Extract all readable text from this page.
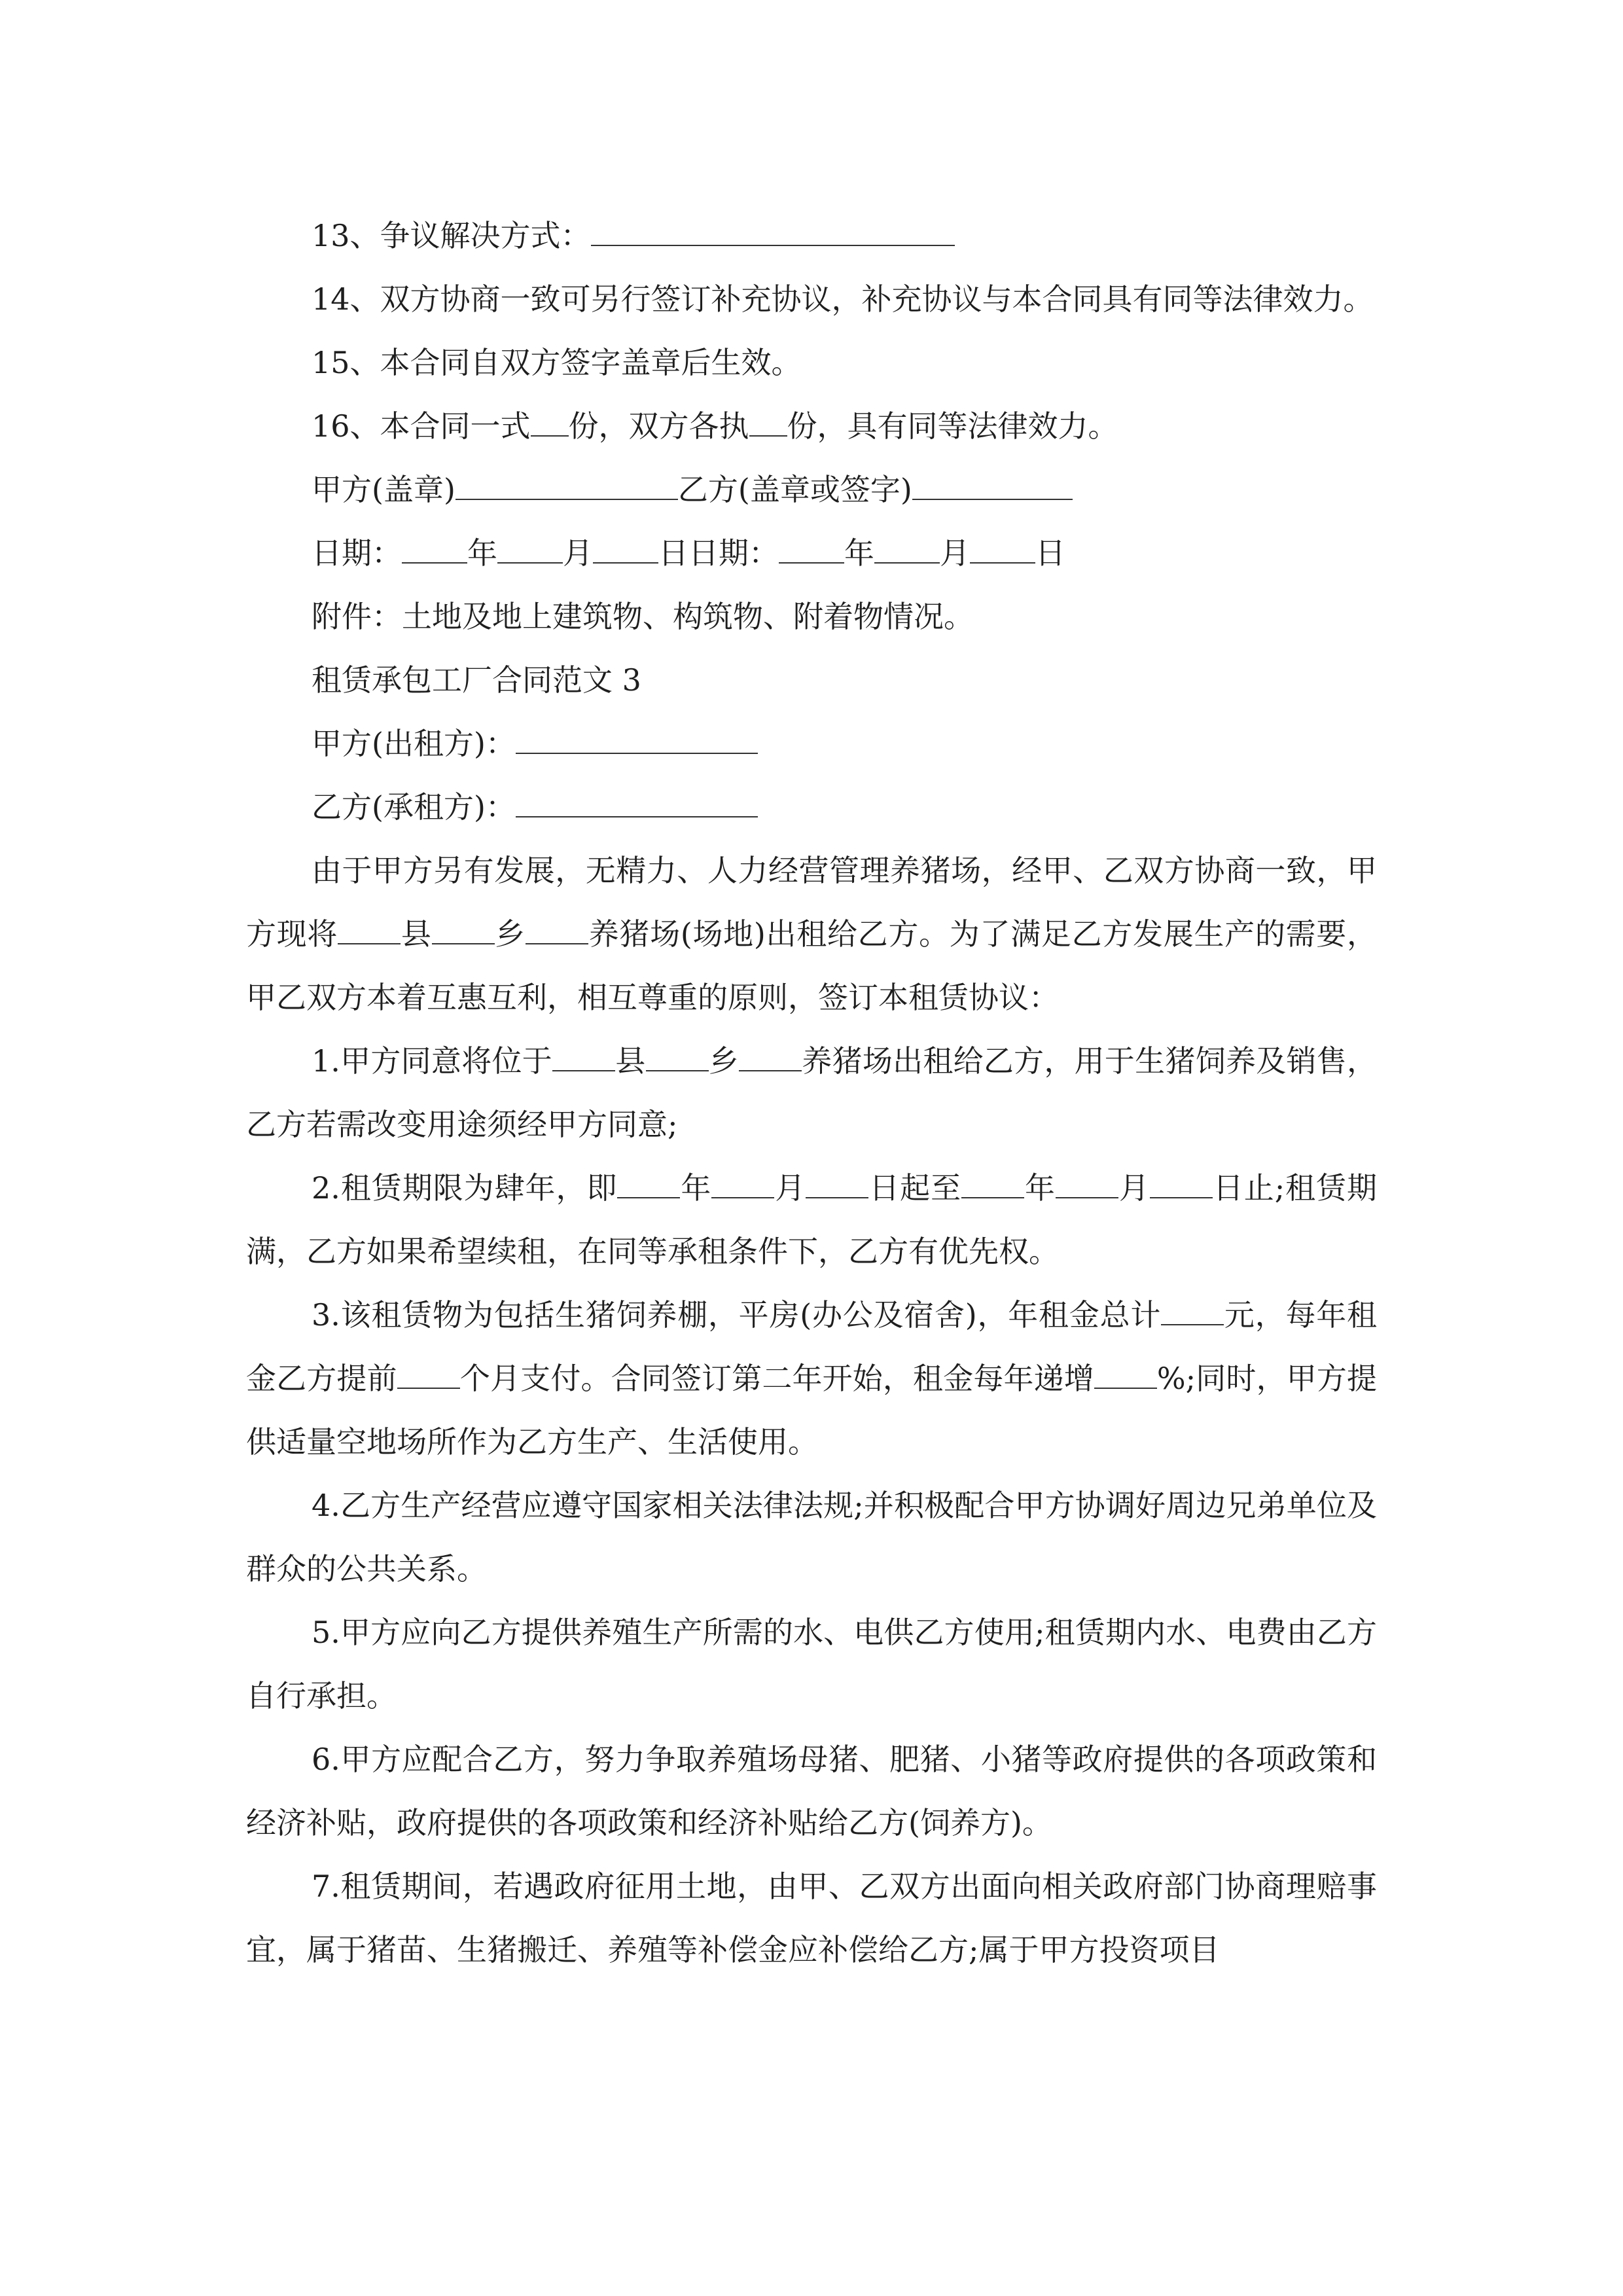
13、争议解决方式：

14、双方协商一致可另行签订补充协议，补充协议与本合同具有同等法律效力。

15、本合同自双方签字盖章后生效。

16、本合同一式 份，双方各执 份，具有同等法律效力。

甲方(盖章)	乙方(盖章或签字)

日期： 年 月 日日期： 年 月 日

附件：土地及地上建筑物、构筑物、附着物情况。

租赁承包工厂合同范文 3

甲方(出租方)：

乙方(承租方)：

由于甲方另有发展，无精力、人力经营管理养猪场，经甲、乙双方协商一致，甲方现将 县 乡 养猪场(场地)出租给乙方。为了满足乙方发展生产的需要，甲乙双方本着互惠互利，相互尊重的原则，签订本租赁协议：

1.甲方同意将位于 县 乡 养猪场出租给乙方，用于生猪饲养及销售，乙方若需改变用途须经甲方同意;

2.租赁期限为肆年，即 年 月 日起至 年 月 日止;租赁期满，乙方如果希望续租，在同等承租条件下，乙方有优先权。

3.该租赁物为包括生猪饲养棚，平房(办公及宿舍)，年租金总计 元，每年租金乙方提前 个月支付。合同签订第二年开始，租金每年递增 %;同时，甲方提供适量空地场所作为乙方生产、生活使用。

4.乙方生产经营应遵守国家相关法律法规;并积极配合甲方协调好周边兄弟单位及群众的公共关系。

5.甲方应向乙方提供养殖生产所需的水、电供乙方使用;租赁期内水、电费由乙方自行承担。

6.甲方应配合乙方，努力争取养殖场母猪、肥猪、小猪等政府提供的各项政策和经济补贴，政府提供的各项政策和经济补贴给乙方(饲养方)。

7.租赁期间，若遇政府征用土地，由甲、乙双方出面向相关政府部门协商理赔事宜，属于猪苗、生猪搬迁、养殖等补偿金应补偿给乙方;属于甲方投资项目
